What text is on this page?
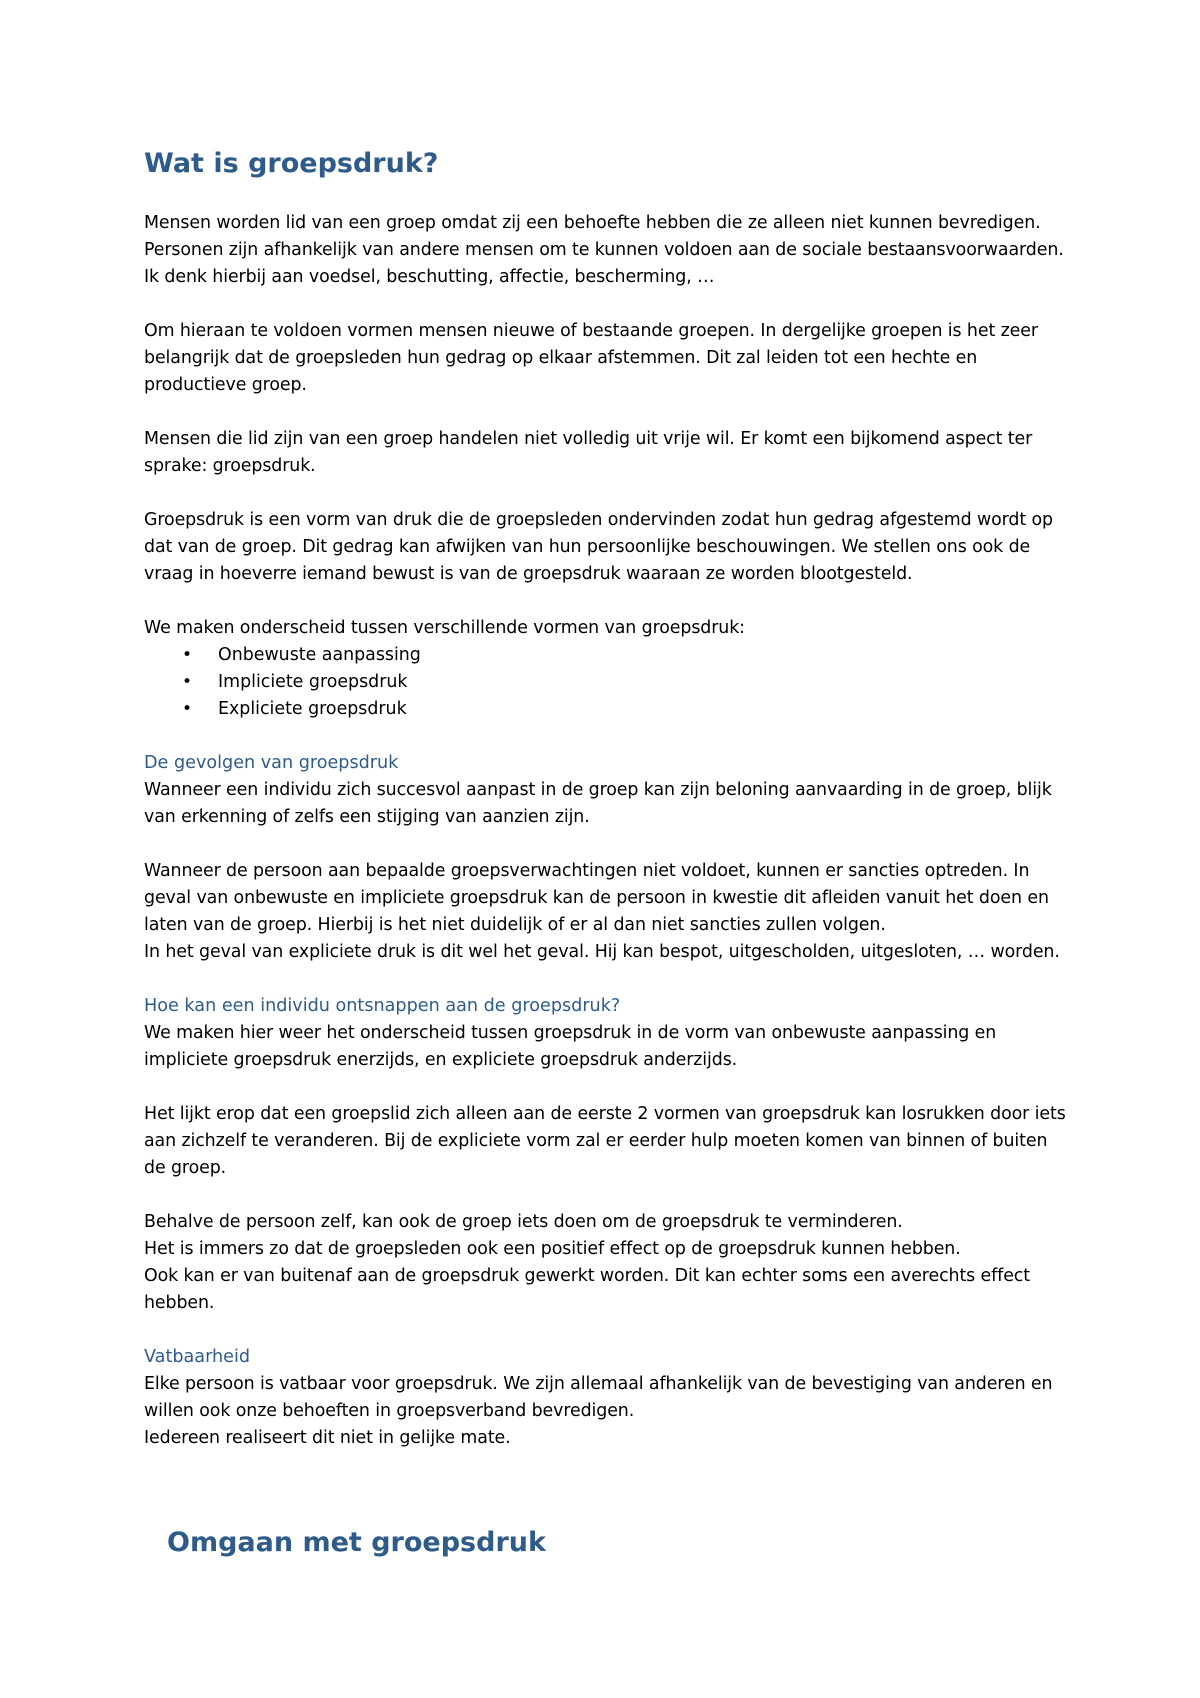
Wat is groepsdruk?

Mensen worden lid van een groep omdat zij een behoefte hebben die ze alleen niet kunnen bevredigen. Personen zijn afhankelijk van andere mensen om te kunnen voldoen aan de sociale bestaansvoorwaarden. Ik denk hierbij aan voedsel, beschutting, affectie, bescherming, …

Om hieraan te voldoen vormen mensen nieuwe of bestaande groepen. In dergelijke groepen is het zeer belangrijk dat de groepsleden hun gedrag op elkaar afstemmen. Dit zal leiden tot een hechte en productieve groep.

Mensen die lid zijn van een groep handelen niet volledig uit vrije wil. Er komt een bijkomend aspect ter sprake: groepsdruk.

Groepsdruk is een vorm van druk die de groepsleden ondervinden zodat hun gedrag afgestemd wordt op dat van de groep. Dit gedrag kan afwijken van hun persoonlijke beschouwingen. We stellen ons ook de vraag in hoeverre iemand bewust is van de groepsdruk waaraan ze worden blootgesteld.

We maken onderscheid tussen verschillende vormen van groepsdruk:

• Onbewuste aanpassing
• Impliciete groepsdruk
• Expliciete groepsdruk
De gevolgen van groepsdruk

Wanneer een individu zich succesvol aanpast in de groep kan zijn beloning aanvaarding in de groep, blijk van erkenning of zelfs een stijging van aanzien zijn.

Wanneer de persoon aan bepaalde groepsverwachtingen niet voldoet, kunnen er sancties optreden. In geval van onbewuste en impliciete groepsdruk kan de persoon in kwestie dit afleiden vanuit het doen en laten van de groep. Hierbij is het niet duidelijk of er al dan niet sancties zullen volgen.

In het geval van expliciete druk is dit wel het geval. Hij kan bespot, uitgescholden, uitgesloten, … worden.

Hoe kan een individu ontsnappen aan de groepsdruk?

We maken hier weer het onderscheid tussen groepsdruk in de vorm van onbewuste aanpassing en impliciete groepsdruk enerzijds, en expliciete groepsdruk anderzijds.

Het lijkt erop dat een groepslid zich alleen aan de eerste 2 vormen van groepsdruk kan losrukken door iets aan zichzelf te veranderen. Bij de expliciete vorm zal er eerder hulp moeten komen van binnen of buiten de groep.

Behalve de persoon zelf, kan ook de groep iets doen om de groepsdruk te verminderen.

Het is immers zo dat de groepsleden ook een positief effect op de groepsdruk kunnen hebben.

Ook kan er van buitenaf aan de groepsdruk gewerkt worden. Dit kan echter soms een averechts effect hebben.

Vatbaarheid

Elke persoon is vatbaar voor groepsdruk. We zijn allemaal afhankelijk van de bevestiging van anderen en willen ook onze behoeften in groepsverband bevredigen.

Iedereen realiseert dit niet in gelijke mate.

Omgaan met groepsdruk
